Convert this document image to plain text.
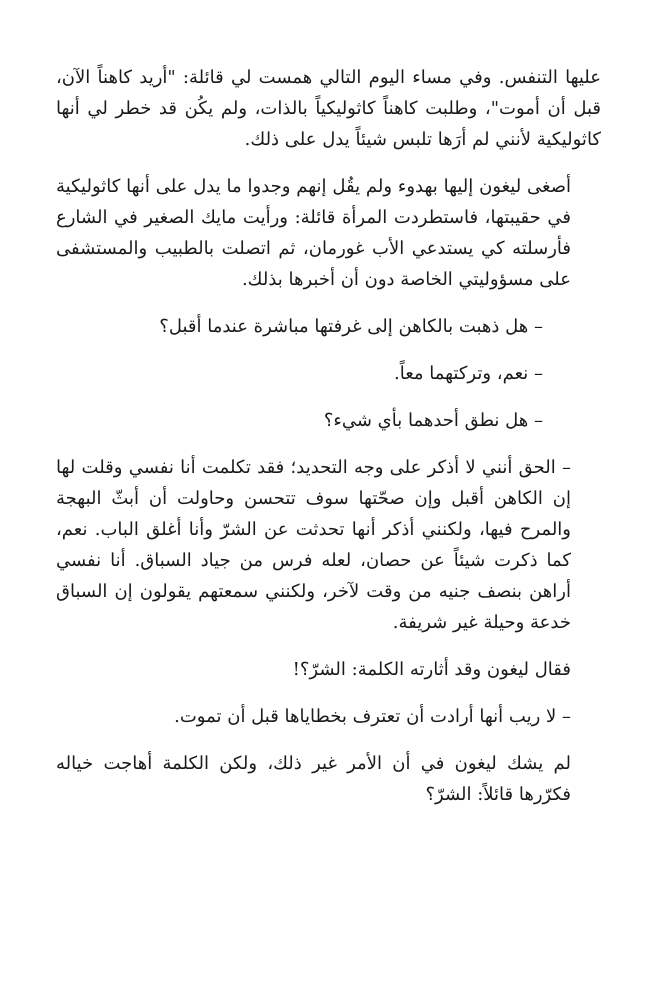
عليها التنفس. وفي مساء اليوم التالي همست لي قائلة: "أريد كاهناً الآن، قبل أن أموت"، وطلبت كاهناً كاثوليكياً بالذات، ولم يكُن قد خطر لي أنها كاثوليكية لأنني لم أرَها تلبس شيئاً يدل على ذلك.

أصغى ليغون إليها بهدوء ولم يقُل إنهم وجدوا ما يدل على أنها كاثوليكية في حقيبتها، فاستطردت المرأة قائلة: ورأيت مايك الصغير في الشارع فأرسلته كي يستدعي الأب غورمان، ثم اتصلت بالطبيب والمستشفى على مسؤوليتي الخاصة دون أن أخبرها بذلك.

– هل ذهبت بالكاهن إلى غرفتها مباشرة عندما أقبل؟

– نعم، وتركتهما معاً.

– هل نطق أحدهما بأي شيء؟

– الحق أنني لا أذكر على وجه التحديد؛ فقد تكلمت أنا نفسي وقلت لها إن الكاهن أقبل وإن صحّتها سوف تتحسن وحاولت أن أبثّ البهجة والمرح فيها، ولكنني أذكر أنها تحدثت عن الشرّ وأنا أغلق الباب. نعم، كما ذكرت شيئاً عن حصان، لعله فرس من جياد السباق. أنا نفسي أراهن بنصف جنيه من وقت لآخر، ولكنني سمعتهم يقولون إن السباق خدعة وحيلة غير شريفة.

فقال ليغون وقد أثارته الكلمة: الشرّ؟!

– لا ريب أنها أرادت أن تعترف بخطاياها قبل أن تموت.

لم يشك ليغون في أن الأمر غير ذلك، ولكن الكلمة أهاجت خياله فكرّرها قائلاً: الشرّ؟
